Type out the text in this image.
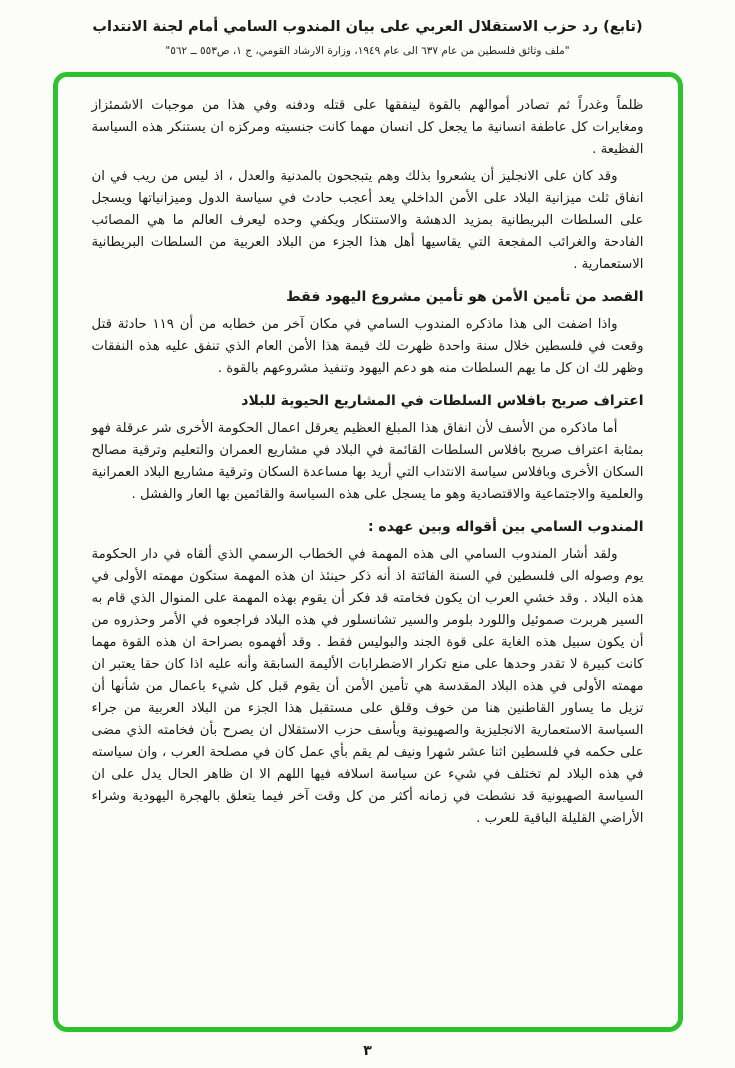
(تابع) رد حزب الاستقلال العربي على بيان المندوب السامي أمام لجنة الانتداب
"ملف وثائق فلسطين من عام ٦٣٧ الى عام ١٩٤٩، وزارة الارشاد القومي، ج ١، ص٥٥٣ ــ ٥٦٢"

ظلماً وغدراً ثم تصادر أموالهم بالقوة لينفقها على قتله ودفنه وفي هذا من موجبات الاشمئزاز ومغايرات كل عاطفة انسانية ما يجعل كل انسان مهما كانت جنسيته ومركزه ان يستنكر هذه السياسة الفظيعة .

وقد كان على الانجليز أن يشعروا بذلك وهم يتبجحون بالمدنية والعدل ، اذ ليس من ريب في ان انفاق ثلث ميزانية البلاد على الأمن الداخلي يعد أعجب حادث في سياسة الدول وميزانياتها ويسجل على السلطات البريطانية بمزيد الدهشة والاستنكار ويكفي وحده ليعرف العالم ما هي المصائب الفادحة والغرائب المفجعة التي يقاسيها أهل هذا الجزء من البلاد العربية من السلطات البريطانية الاستعمارية .

القصد من تأمين الأمن هو تأمين مشروع اليهود فقط

واذا اضفت الى هذا ماذكره المندوب السامي في مكان آخر من خطابه من أن ١١٩ حادثة قتل وقعت في فلسطين خلال سنة واحدة ظهرت لك قيمة هذا الأمن العام الذي تنفق عليه هذه النفقات وظهر لك ان كل ما يهم السلطات منه هو دعم اليهود وتنفيذ مشروعهم بالقوة .

اعتراف صريح بافلاس السلطات في المشاريع الحيوية للبلاد

أما ماذكره من الأسف لأن انفاق هذا المبلغ العظيم يعرقل اعمال الحكومة الأخرى شر عرقلة فهو بمثابة اعتراف صريح بافلاس السلطات القائمة في البلاد في مشاريع العمران والتعليم وترقية مصالح السكان الأخرى وبافلاس سياسة الانتداب التي أريد بها مساعدة السكان وترقية مشاريع البلاد العمرانية والعلمية والاجتماعية والاقتصادية وهو ما يسجل على هذه السياسة والقائمين بها العار والفشل .

المندوب السامي بين أقواله وبين عهده :

ولقد أشار المندوب السامي الى هذه المهمة في الخطاب الرسمي الذي ألقاه في دار الحكومة يوم وصوله الى فلسطين في السنة الفائتة اذ أنه ذكر حينئذ ان هذه المهمة ستكون مهمته الأولى في هذه البلاد . وقد خشي العرب ان يكون فخامته قد فكر أن يقوم بهذه المهمة على المنوال الذي قام به السير هربرت صموئيل واللورد بلومر والسير تشانسلور في هذه البلاد فراجعوه في الأمر وحذروه من أن يكون سبيل هذه الغاية على قوة الجند والبوليس فقط . وقد أفهموه بصراحة ان هذه القوة مهما كانت كبيرة لا تقدر وحدها على منع تكرار الاضطرابات الأليمة السابقة وأنه عليه اذا كان حقا يعتبر ان مهمته الأولى في هذه البلاد المقدسة هي تأمين الأمن أن يقوم قبل كل شيء باعمال من شأنها أن تزيل ما يساور القاطنين هنا من خوف وقلق على مستقبل هذا الجزء من البلاد العربية من جراء السياسة الاستعمارية الانجليزية والصهيونية ويأسف حزب الاستقلال ان يصرح بأن فخامته الذي مضى على حكمه في فلسطين اثنا عشر شهرا ونيف لم يقم بأي عمل كان في مصلحة العرب ، وان سياسته في هذه البلاد لم تختلف في شيء عن سياسة اسلافه فيها اللهم الا ان ظاهر الحال يدل على ان السياسة الصهيونية قد نشطت في زمانه أكثر من كل وقت آخر فيما يتعلق بالهجرة اليهودية وشراء الأراضي القليلة الباقية للعرب .

٣
